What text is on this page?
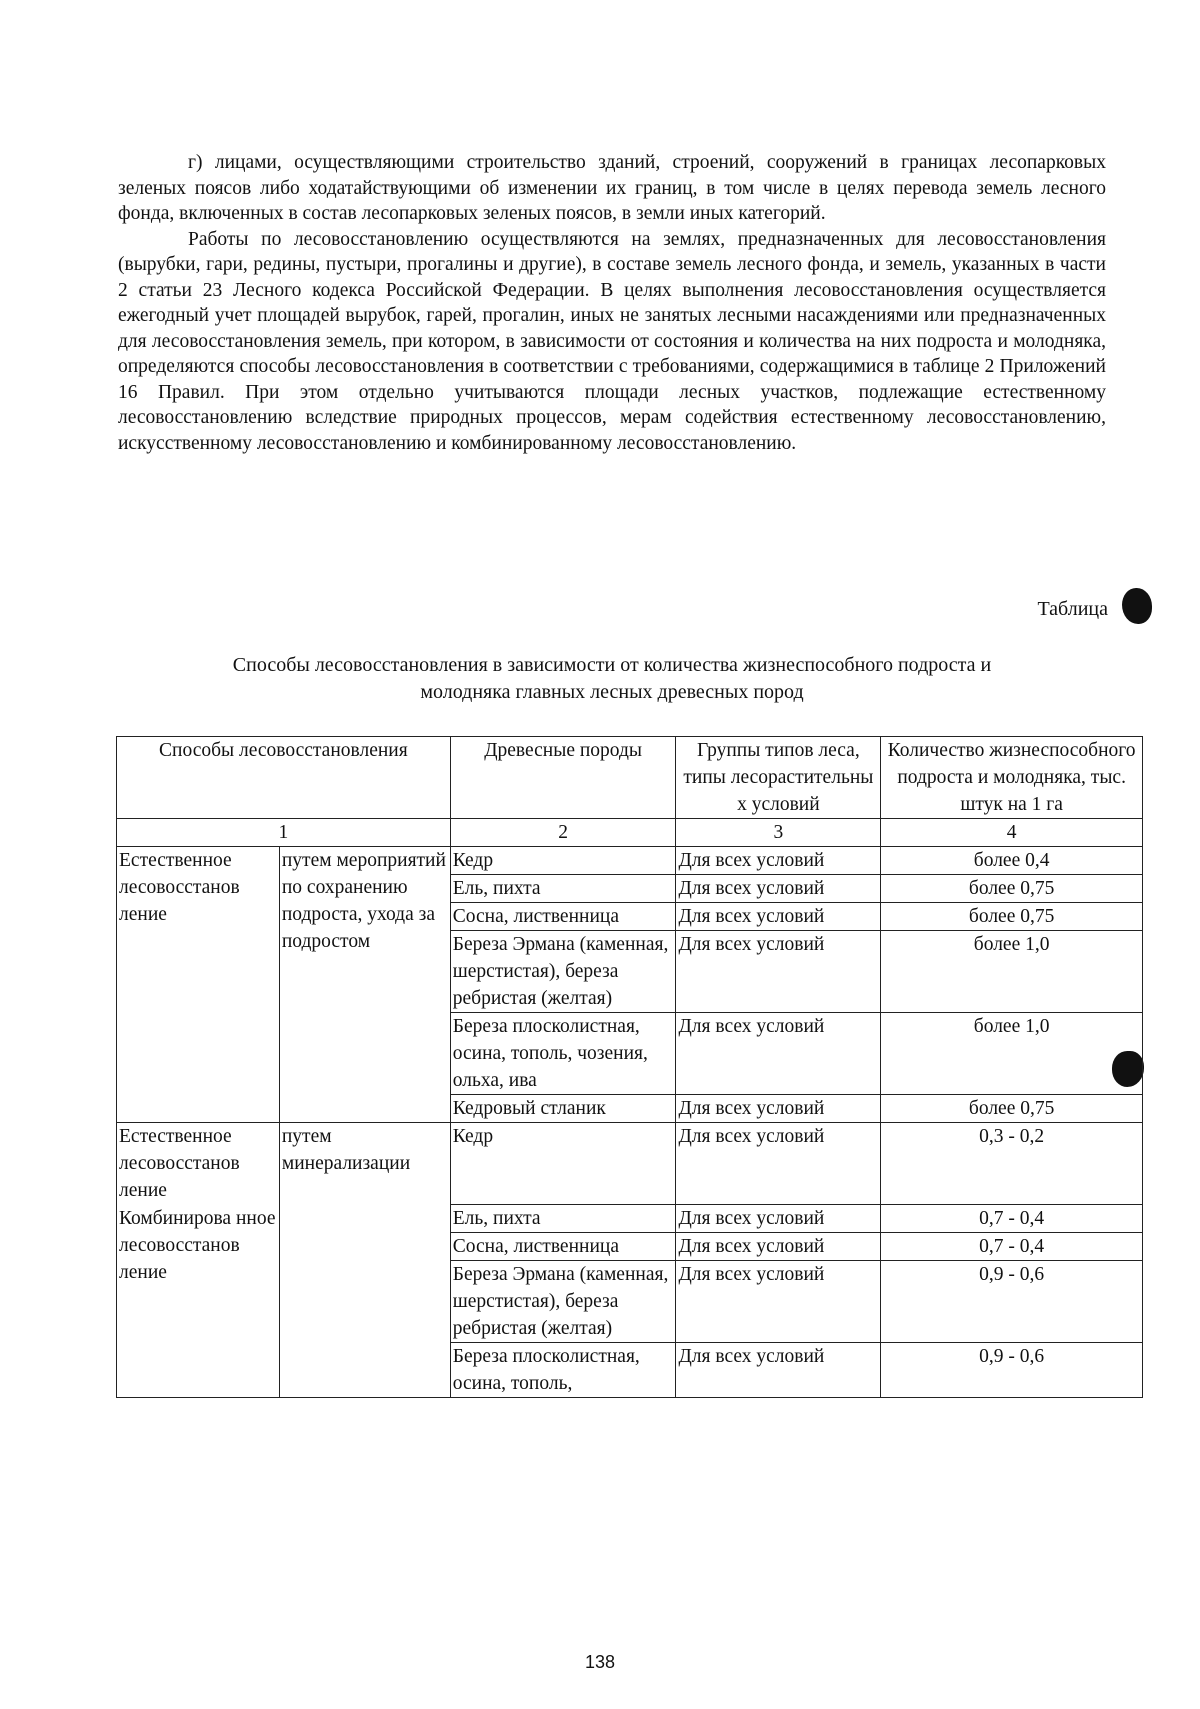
г) лицами, осуществляющими строительство зданий, строений, сооружений в границах лесопарковых зеленых поясов либо ходатайствующими об изменении их границ, в том числе в целях перевода земель лесного фонда, включенных в состав лесопарковых зеленых поясов, в земли иных категорий.

Работы по лесовосстановлению осуществляются на землях, предназначенных для лесовосстановления (вырубки, гари, редины, пустыри, прогалины и другие), в составе земель лесного фонда, и земель, указанных в части 2 статьи 23 Лесного кодекса Российской Федерации. В целях выполнения лесовосстановления осуществляется ежегодный учет площадей вырубок, гарей, прогалин, иных не занятых лесными насаждениями или предназначенных для лесовосстановления земель, при котором, в зависимости от состояния и количества на них подроста и молодняка, определяются способы лесовосстановления в соответствии с требованиями, содержащимися в таблице 2 Приложений 16 Правил. При этом отдельно учитываются площади лесных участков, подлежащие естественному лесовосстановлению вследствие природных процессов, мерам содействия естественному лесовосстановлению, искусственному лесовосстановлению и комбинированному лесовосстановлению.

Таблица
Способы лесовосстановления в зависимости от количества жизнеспособного подроста и
молодняка главных лесных древесных пород
Способы лесовосстановления		Древесные породы	Группы типов леса, типы лесорастительны х условий	Количество жизнеспособного подроста и молодняка, тыс. штук на 1 га
1		2	3	4
Естественное лесовосстанов ление	путем мероприятий по сохранению подроста, ухода за подростом	Кедр	Для всех условий	более 0,4
		Ель, пихта	Для всех условий	более 0,75
		Сосна, лиственница	Для всех условий	более 0,75
		Береза Эрмана (каменная, шерстистая), береза ребристая (желтая)	Для всех условий	более 1,0
		Береза плосколистная, осина, тополь, чозения, ольха, ива	Для всех условий	более 1,0
		Кедровый стланик	Для всех условий	более 0,75
Естественное лесовосстанов ление	путем минерализации	Кедр	Для всех условий	0,3 - 0,2
Комбинирова нное лесовосстанов ление		Ель, пихта	Для всех условий	0,7 - 0,4
		Сосна, лиственница	Для всех условий	0,7 - 0,4
		Береза Эрмана (каменная, шерстистая), береза ребристая (желтая)	Для всех условий	0,9 - 0,6
		Береза плосколистная, осина, тополь,	Для всех условий	0,9 - 0,6
138
